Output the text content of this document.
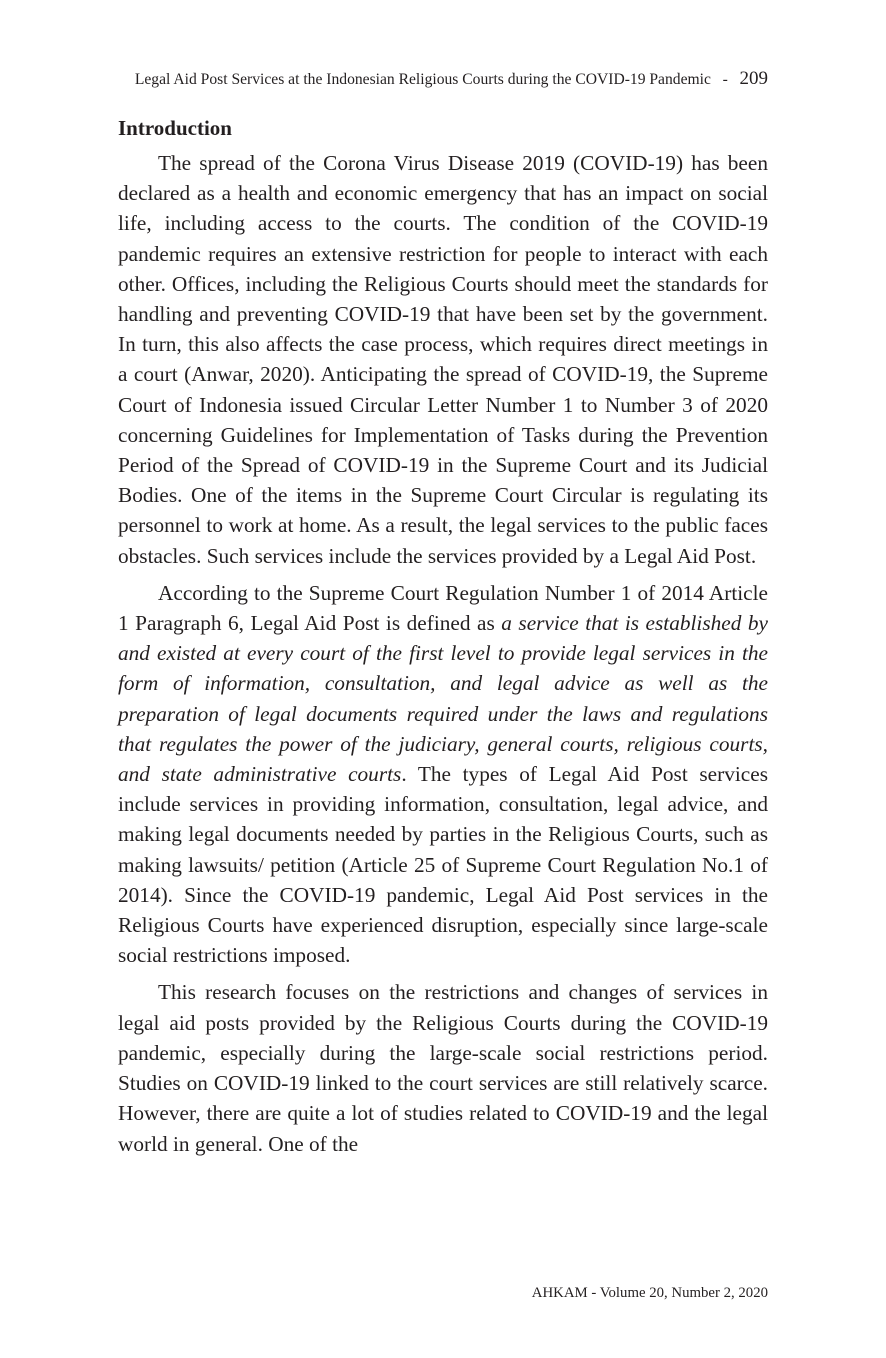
Legal Aid Post Services at the Indonesian Religious Courts during the COVID-19 Pandemic - 209
Introduction

The spread of the Corona Virus Disease 2019 (COVID-19) has been declared as a health and economic emergency that has an impact on social life, including access to the courts. The condition of the COVID-19 pandemic requires an extensive restriction for people to interact with each other. Offices, including the Religious Courts should meet the standards for handling and preventing COVID-19 that have been set by the government. In turn, this also affects the case process, which requires direct meetings in a court (Anwar, 2020). Anticipating the spread of COVID-19, the Supreme Court of Indonesia issued Circular Letter Number 1 to Number 3 of 2020 concerning Guidelines for Implementation of Tasks during the Prevention Period of the Spread of COVID-19 in the Supreme Court and its Judicial Bodies. One of the items in the Supreme Court Circular is regulating its personnel to work at home. As a result, the legal services to the public faces obstacles. Such services include the services provided by a Legal Aid Post.

According to the Supreme Court Regulation Number 1 of 2014 Article 1 Paragraph 6, Legal Aid Post is defined as a service that is established by and existed at every court of the first level to provide legal services in the form of information, consultation, and legal advice as well as the preparation of legal documents required under the laws and regulations that regulates the power of the judiciary, general courts, religious courts, and state administrative courts. The types of Legal Aid Post services include services in providing information, consultation, legal advice, and making legal documents needed by parties in the Religious Courts, such as making lawsuits/ petition (Article 25 of Supreme Court Regulation No.1 of 2014). Since the COVID-19 pandemic, Legal Aid Post services in the Religious Courts have experienced disruption, especially since large-scale social restrictions imposed.

This research focuses on the restrictions and changes of services in legal aid posts provided by the Religious Courts during the COVID-19 pandemic, especially during the large-scale social restrictions period. Studies on COVID-19 linked to the court services are still relatively scarce. However, there are quite a lot of studies related to COVID-19 and the legal world in general. One of the

AHKAM - Volume 20, Number 2, 2020
